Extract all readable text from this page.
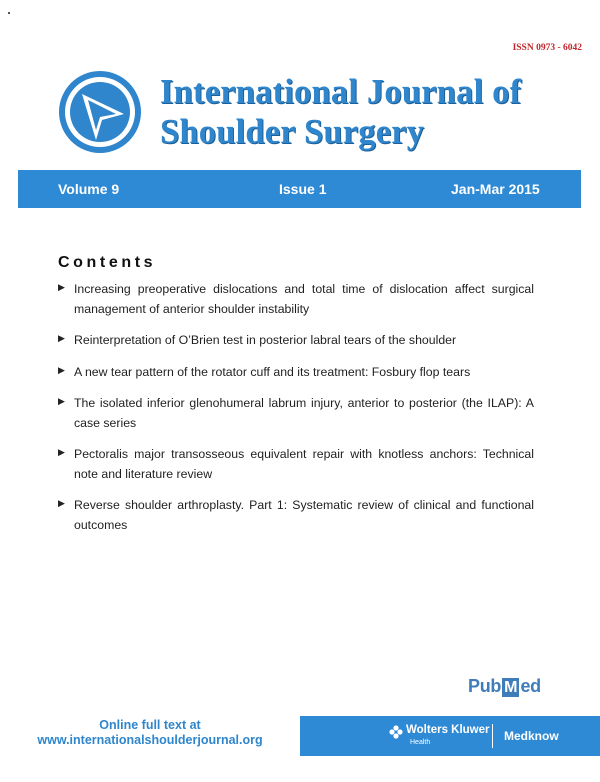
ISSN 0973 - 6042
International Journal of
Shoulder Surgery
Volume 9	Issue 1	Jan-Mar 2015
Contents
▶ Increasing preoperative dislocations and total time of dislocation affect surgical management of anterior shoulder instability
▶ Reinterpretation of O’Brien test in posterior labral tears of the shoulder
▶ A new tear pattern of the rotator cuff and its treatment: Fosbury flop tears
▶ The isolated inferior glenohumeral labrum injury, anterior to posterior (the ILAP): A case series
▶ Pectoralis major transosseous equivalent repair with knotless anchors: Technical note and literature review
▶ Reverse shoulder arthroplasty. Part 1: Systematic review of clinical and functional outcomes
Pub M ed
Online full text at
www.internationalshoulderjournal.org
Wolters Kluwer
Health	Medknow
